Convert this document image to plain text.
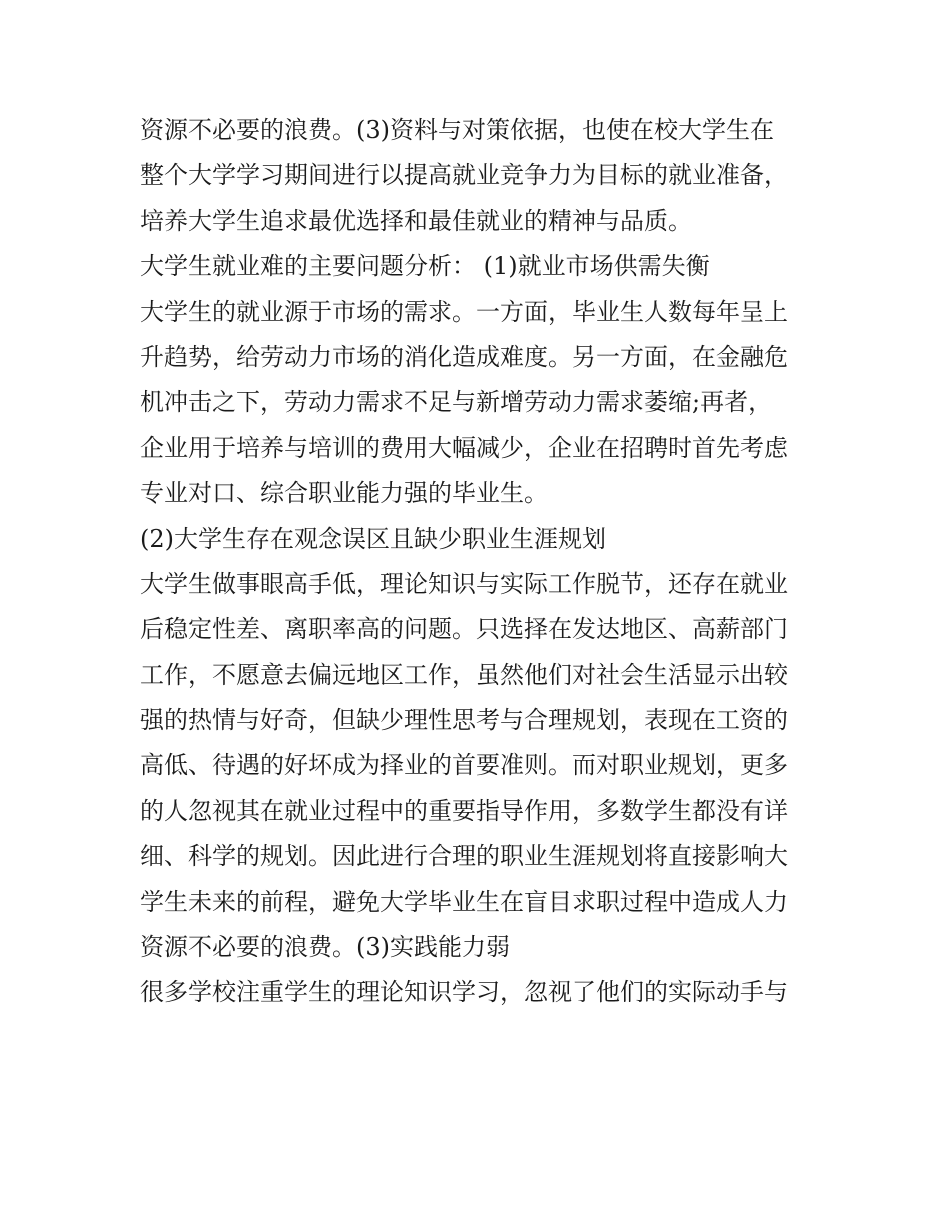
资源不必要的浪费。(3)资料与对策依据，也使在校大学生在
整个大学学习期间进行以提高就业竞争力为目标的就业准备，
培养大学生追求最优选择和最佳就业的精神与品质。
大学生就业难的主要问题分析： (1)就业市场供需失衡
大学生的就业源于市场的需求。一方面，毕业生人数每年呈上
升趋势，给劳动力市场的消化造成难度。另一方面，在金融危
机冲击之下，劳动力需求不足与新增劳动力需求萎缩;再者，
企业用于培养与培训的费用大幅减少，企业在招聘时首先考虑
专业对口、综合职业能力强的毕业生。
(2)大学生存在观念误区且缺少职业生涯规划
大学生做事眼高手低，理论知识与实际工作脱节，还存在就业
后稳定性差、离职率高的问题。只选择在发达地区、高薪部门
工作，不愿意去偏远地区工作，虽然他们对社会生活显示出较
强的热情与好奇，但缺少理性思考与合理规划，表现在工资的
高低、待遇的好坏成为择业的首要准则。而对职业规划，更多
的人忽视其在就业过程中的重要指导作用，多数学生都没有详
细、科学的规划。因此进行合理的职业生涯规划将直接影响大
学生未来的前程，避免大学毕业生在盲目求职过程中造成人力
资源不必要的浪费。(3)实践能力弱
很多学校注重学生的理论知识学习，忽视了他们的实际动手与
